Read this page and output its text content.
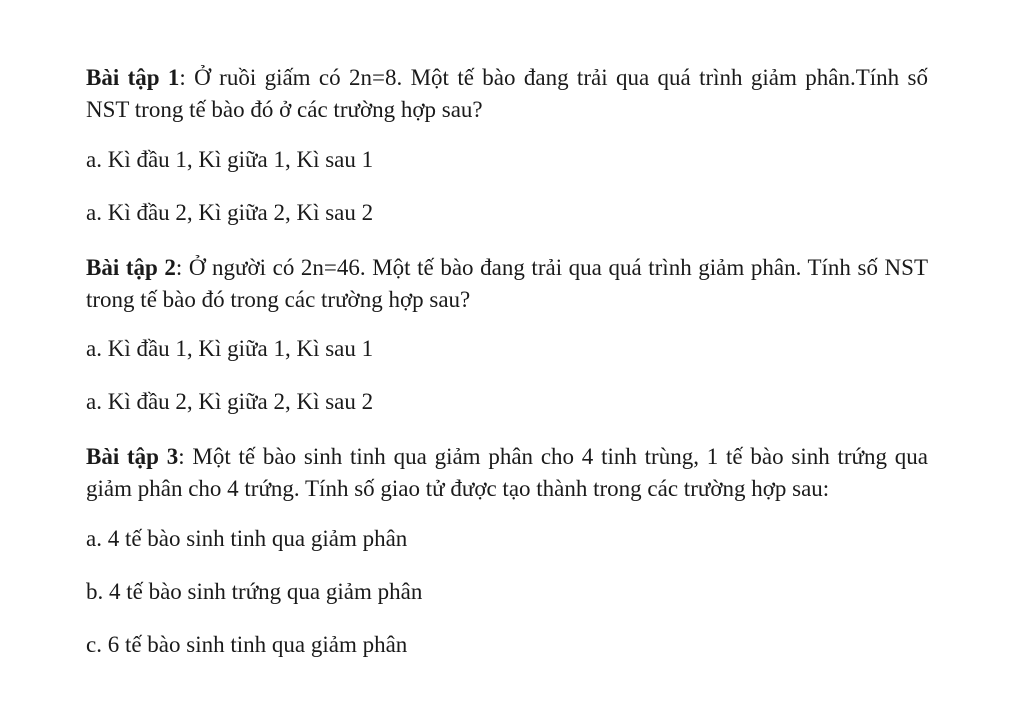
Bài tập 1: Ở ruồi giấm có 2n=8. Một tế bào đang trải qua quá trình giảm phân.Tính số NST trong tế bào đó ở các trường hợp sau?

a. Kì đầu 1, Kì giữa 1, Kì sau 1

a. Kì đầu 2, Kì giữa 2, Kì sau 2

Bài tập 2: Ở người có 2n=46. Một tế bào đang trải qua quá trình giảm phân. Tính số NST trong tế bào đó trong các trường hợp sau?

a. Kì đầu 1, Kì giữa 1, Kì sau 1

a. Kì đầu 2, Kì giữa 2, Kì sau 2

Bài tập 3: Một tế bào sinh tinh qua giảm phân cho 4 tinh trùng, 1 tế bào sinh trứng qua giảm phân cho 4 trứng. Tính số giao tử được tạo thành trong các trường hợp sau:

a. 4 tế bào sinh tinh qua giảm phân

b. 4 tế bào sinh trứng qua giảm phân

c. 6 tế bào sinh tinh qua giảm phân
